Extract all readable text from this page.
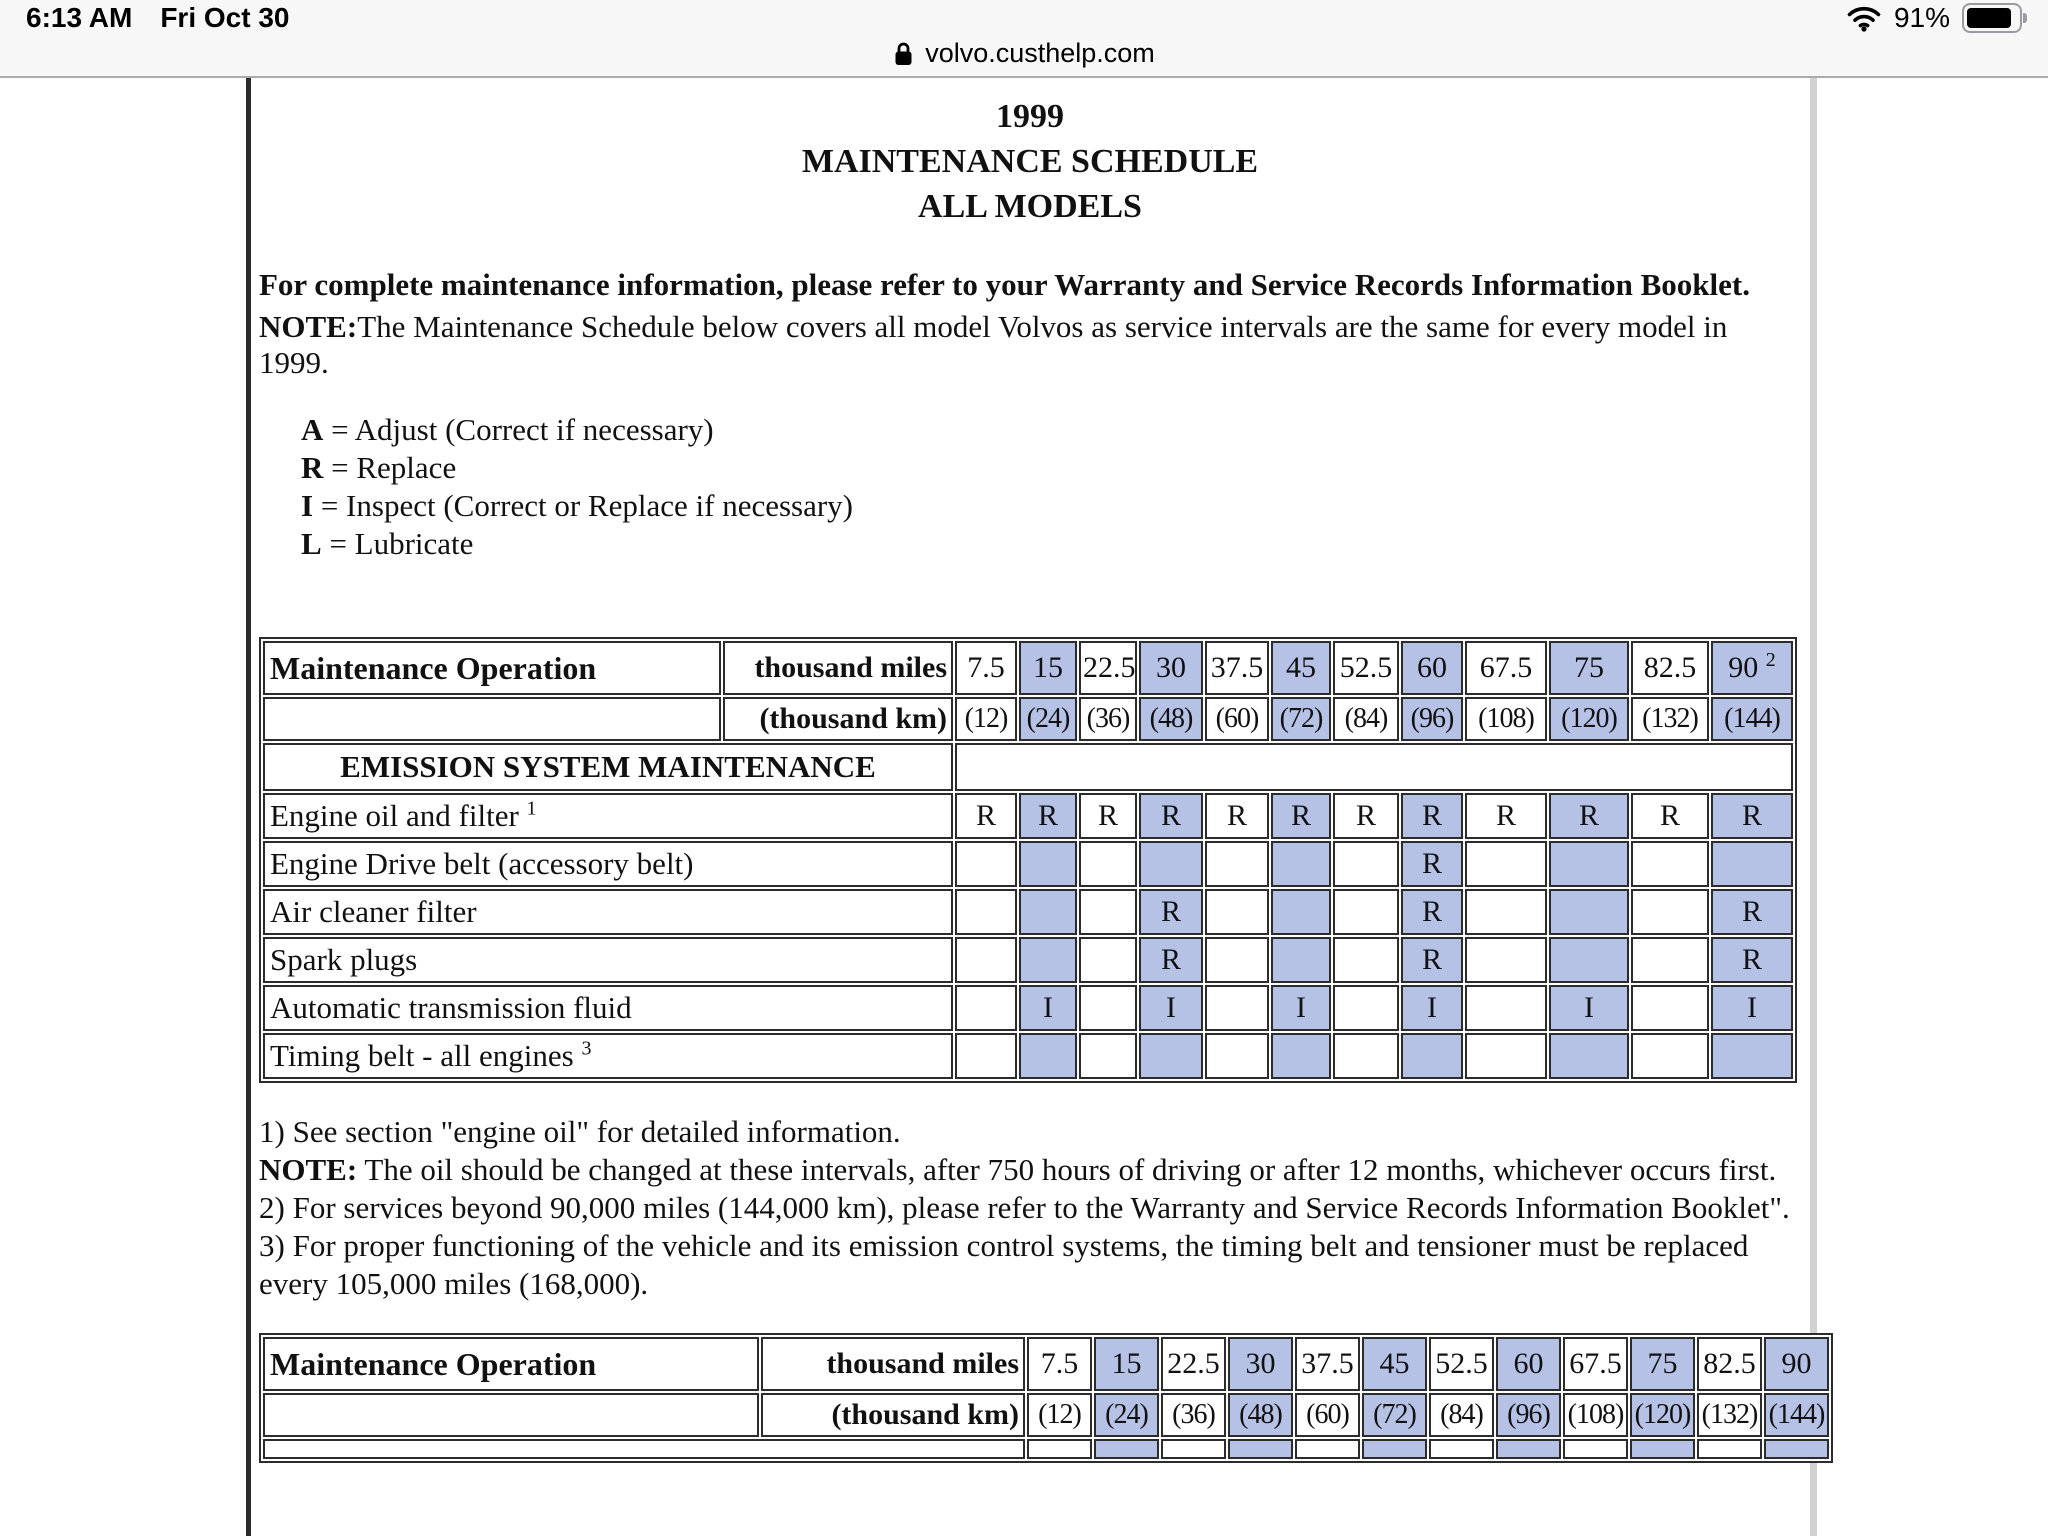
6:13 AM Fri Oct 30	91%
volvo.custhelp.com
1999
MAINTENANCE SCHEDULE
ALL MODELS

For complete maintenance information, please refer to your Warranty and Service Records Information Booklet.

NOTE:The Maintenance Schedule below covers all model Volvos as service intervals are the same for every model in 1999.

A = Adjust (Correct if necessary)
R = Replace
I = Inspect (Correct or Replace if necessary)
L = Lubricate
Maintenance Operation	thousand miles	7.5	15	22.5	30	37.5	45	52.5	60	67.5	75	82.5	90 $^2$
	(thousand km)	(12)	(24)	(36)	(48)	(60)	(72)	(84)	(96)	(108)	(120)	(132)	(144)
EMISSION SYSTEM MAINTENANCE													
Engine oil and filter $^1$		R	R	R	R	R	R	R	R	R	R	R	R
Engine Drive belt (accessory belt)									R				
Air cleaner filter					R				R				R
Spark plugs					R				R				R
Automatic transmission fluid			I		I		I		I		I		I
Timing belt - all engines $^3$												
1) See section "engine oil" for detailed information.
NOTE: The oil should be changed at these intervals, after 750 hours of driving or after 12 months, whichever occurs first.
2) For services beyond 90,000 miles (144,000 km), please refer to the Warranty and Service Records Information Booklet".
3) For proper functioning of the vehicle and its emission control systems, the timing belt and tensioner must be replaced every 105,000 miles (168,000).
Maintenance Operation	thousand miles	7.5	15	22.5	30	37.5	45	52.5	60	67.5	75	82.5	90
	(thousand km)	(12)	(24)	(36)	(48)	(60)	(72)	(84)	(96)	(108)	(120)	(132)	(144)
